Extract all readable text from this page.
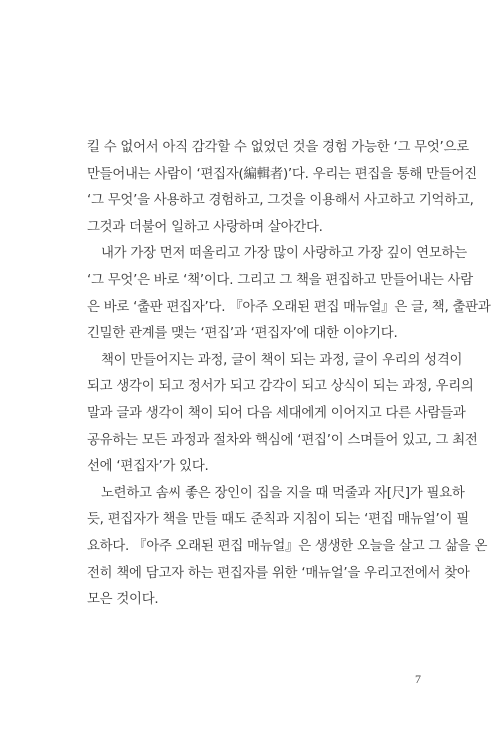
킬 수 없어서 아직 감각할 수 없었던 것을 경험 가능한 ‘그 무엇’으로
만들어내는 사람이 ‘편집자(編輯者)’다. 우리는 편집을 통해 만들어진
‘그 무엇’을 사용하고 경험하고, 그것을 이용해서 사고하고 기억하고,
그것과 더불어 일하고 사랑하며 살아간다.
내가 가장 먼저 떠올리고 가장 많이 사랑하고 가장 깊이 연모하는
‘그 무엇’은 바로 ‘책’이다. 그리고 그 책을 편집하고 만들어내는 사람
은 바로 ‘출판 편집자’다. 『아주 오래된 편집 매뉴얼』은 글, 책, 출판과
긴밀한 관계를 맺는 ‘편집’과 ‘편집자’에 대한 이야기다.
책이 만들어지는 과정, 글이 책이 되는 과정, 글이 우리의 성격이
되고 생각이 되고 정서가 되고 감각이 되고 상식이 되는 과정, 우리의
말과 글과 생각이 책이 되어 다음 세대에게 이어지고 다른 사람들과
공유하는 모든 과정과 절차와 핵심에 ‘편집’이 스며들어 있고, 그 최전
선에 ‘편집자’가 있다.
노련하고 솜씨 좋은 장인이 집을 지을 때 먹줄과 자[尺]가 필요하
듯, 편집자가 책을 만들 때도 준칙과 지침이 되는 ‘편집 매뉴얼’이 필
요하다. 『아주 오래된 편집 매뉴얼』은 생생한 오늘을 살고 그 삶을 온
전히 책에 담고자 하는 편집자를 위한 ‘매뉴얼’을 우리고전에서 찾아
모은 것이다.
7
